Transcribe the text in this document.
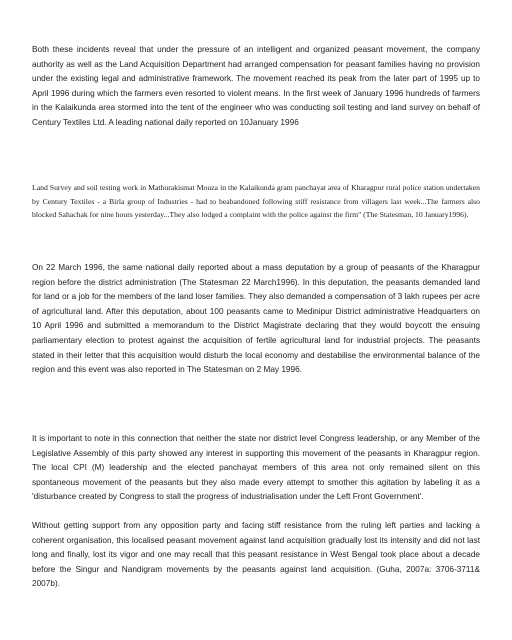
Both these incidents reveal that under the pressure of an intelligent and organized peasant movement, the company authority as well as the Land Acquisition Department had arranged compensation for peasant families having no provision under the existing legal and administrative framework. The movement reached its peak from the later part of 1995 up to April 1996 during which the farmers even resorted to violent means. In the first week of January 1996 hundreds of farmers in the Kalaikunda area stormed into the tent of the engineer who was conducting soil testing and land survey on behalf of Century Textiles Ltd. A leading national daily reported on 10January 1996

Land Survey and soil testing work in Mathurakismat Mouza in the Kalaikunda gram panchayat area of Kharagpur rural police station undertaken by Century Textiles - a Birla group of Industries - had to beabandoned following stiff resistance from villagers last week...The farmers also blocked Sahachak for nine hours yesterday...They also lodged a complaint with the police against the firm" (The Statesman, 10 January1996).

On 22 March 1996, the same national daily reported about a mass deputation by a group of peasants of the Kharagpur region before the district administration (The Statesman 22 March1996). In this deputation, the peasants demanded land for land or a job for the members of the land loser families. They also demanded a compensation of 3 lakh rupees per acre of agricultural land. After this deputation, about 100 peasants came to Medinipur District administrative Headquarters on 10 April 1996 and submitted a memorandum to the District Magistrate declaring that they would boycott the ensuing parliamentary election to protest against the acquisition of fertile agricultural land for industrial projects. The peasants stated in their letter that this acquisition would disturb the local economy and destabilise the environmental balance of the region and this event was also reported in The Statesman on 2 May 1996.

It is important to note in this connection that neither the state nor district level Congress leadership, or any Member of the Legislative Assembly of this party showed any interest in supporting this movement of the peasants in Kharagpur region. The local CPI (M) leadership and the elected panchayat members of this area not only remained silent on this spontaneous movement of the peasants but they also made every attempt to smother this agitation by labeling it as a 'disturbance created by Congress to stall the progress of industrialisation under the Left Front Government'.

Without getting support from any opposition party and facing stiff resistance from the ruling left parties and lacking a coherent organisation, this localised peasant movement against land acquisition gradually lost its intensity and did not last long and finally, lost its vigor and one may recall that this peasant resistance in West Bengal took place about a decade before the Singur and Nandigram movements by the peasants against land acquisition. (Guha, 2007a: 3706-3711& 2007b).
